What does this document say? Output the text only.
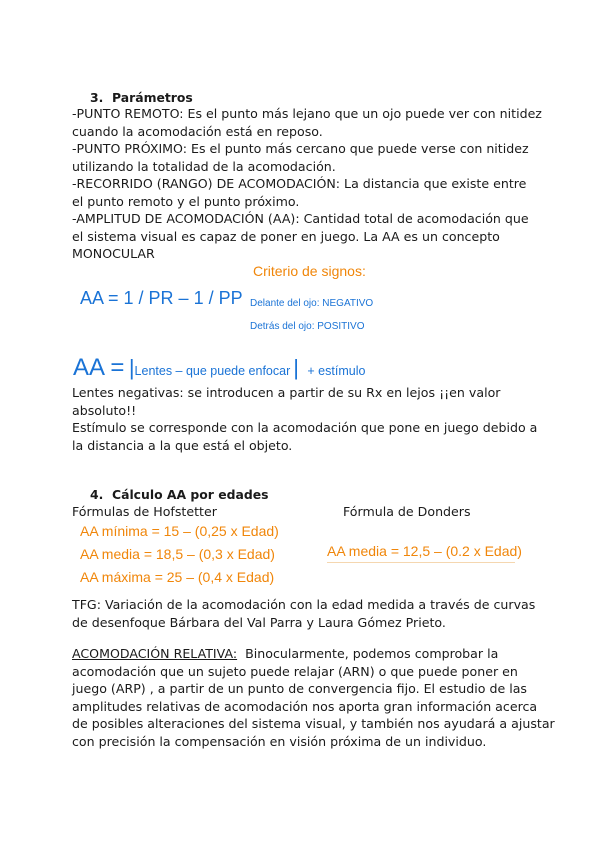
3. Parámetros
-PUNTO REMOTO: Es el punto más lejano que un ojo puede ver con nitidez
cuando la acomodación está en reposo.
-PUNTO PRÓXIMO: Es el punto más cercano que puede verse con nitidez
utilizando la totalidad de la acomodación.
-RECORRIDO (RANGO) DE ACOMODACIÓN: La distancia que existe entre
el punto remoto y el punto próximo.
-AMPLITUD DE ACOMODACIÓN (AA): Cantidad total de acomodación que
el sistema visual es capaz de poner en juego. La AA es un concepto
MONOCULAR
Criterio de signos:
AA = 1 / PR – 1 / PP Delante del ojo: NEGATIVO
Detrás del ojo: POSITIVO
AA = |Lentes – que puede enfocar | + estímulo
Lentes negativas: se introducen a partir de su Rx en lejos ¡¡en valor
absoluto!!
Estímulo se corresponde con la acomodación que pone en juego debido a
la distancia a la que está el objeto.
4. Cálculo AA por edades
Fórmulas de Hofstetter	Fórmula de Donders
AA mínima = 15 – (0,25 x Edad)
AA media = 18,5 – (0,3 x Edad)
AA máxima = 25 – (0,4 x Edad)
AA media = 12,5 – (0.2 x Edad)
TFG: Variación de la acomodación con la edad medida a través de curvas
de desenfoque Bárbara del Val Parra y Laura Gómez Prieto.
ACOMODACIÓN RELATIVA:  Binocularmente, podemos comprobar la
acomodación que un sujeto puede relajar (ARN) o que puede poner en
juego (ARP) , a partir de un punto de convergencia fijo. El estudio de las
amplitudes relativas de acomodación nos aporta gran información acerca
de posibles alteraciones del sistema visual, y también nos ayudará a ajustar
con precisión la compensación en visión próxima de un individuo.
